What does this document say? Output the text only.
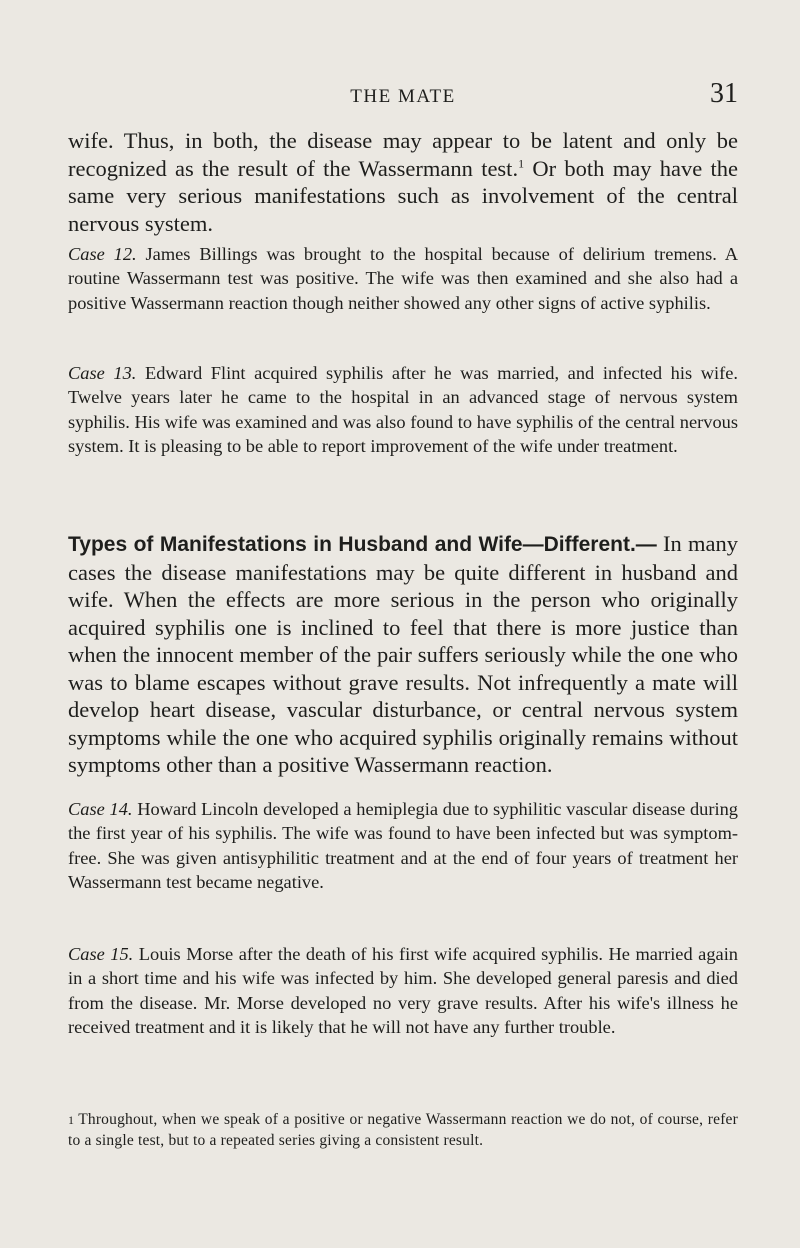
THE MATE	31

wife. Thus, in both, the disease may appear to be latent and only be recognized as the result of the Wassermann test.$^1$ Or both may have the same very serious manifestations such as involvement of the central nervous system.

Case 12. James Billings was brought to the hospital because of delirium tremens. A routine Wassermann test was positive. The wife was then examined and she also had a positive Wassermann reaction though neither showed any other signs of active syphilis.

Case 13. Edward Flint acquired syphilis after he was married, and infected his wife. Twelve years later he came to the hospital in an advanced stage of nervous system syphilis. His wife was examined and was also found to have syphilis of the central nervous system. It is pleasing to be able to report improvement of the wife under treatment.

Types of Manifestations in Husband and Wife—Different.— In many cases the disease manifestations may be quite different in husband and wife. When the effects are more serious in the person who originally acquired syphilis one is inclined to feel that there is more justice than when the innocent member of the pair suffers seriously while the one who was to blame escapes without grave results. Not infrequently a mate will develop heart disease, vascular disturbance, or central nervous system symptoms while the one who acquired syphilis originally remains without symptoms other than a positive Wassermann reaction.

Case 14. Howard Lincoln developed a hemiplegia due to syphilitic vascular disease during the first year of his syphilis. The wife was found to have been infected but was symptom-free. She was given antisyphilitic treatment and at the end of four years of treatment her Wassermann test became negative.

Case 15. Louis Morse after the death of his first wife acquired syphilis. He married again in a short time and his wife was infected by him. She developed general paresis and died from the disease. Mr. Morse developed no very grave results. After his wife's illness he received treatment and it is likely that he will not have any further trouble.

1 Throughout, when we speak of a positive or negative Wassermann reaction we do not, of course, refer to a single test, but to a repeated series giving a consistent result.
